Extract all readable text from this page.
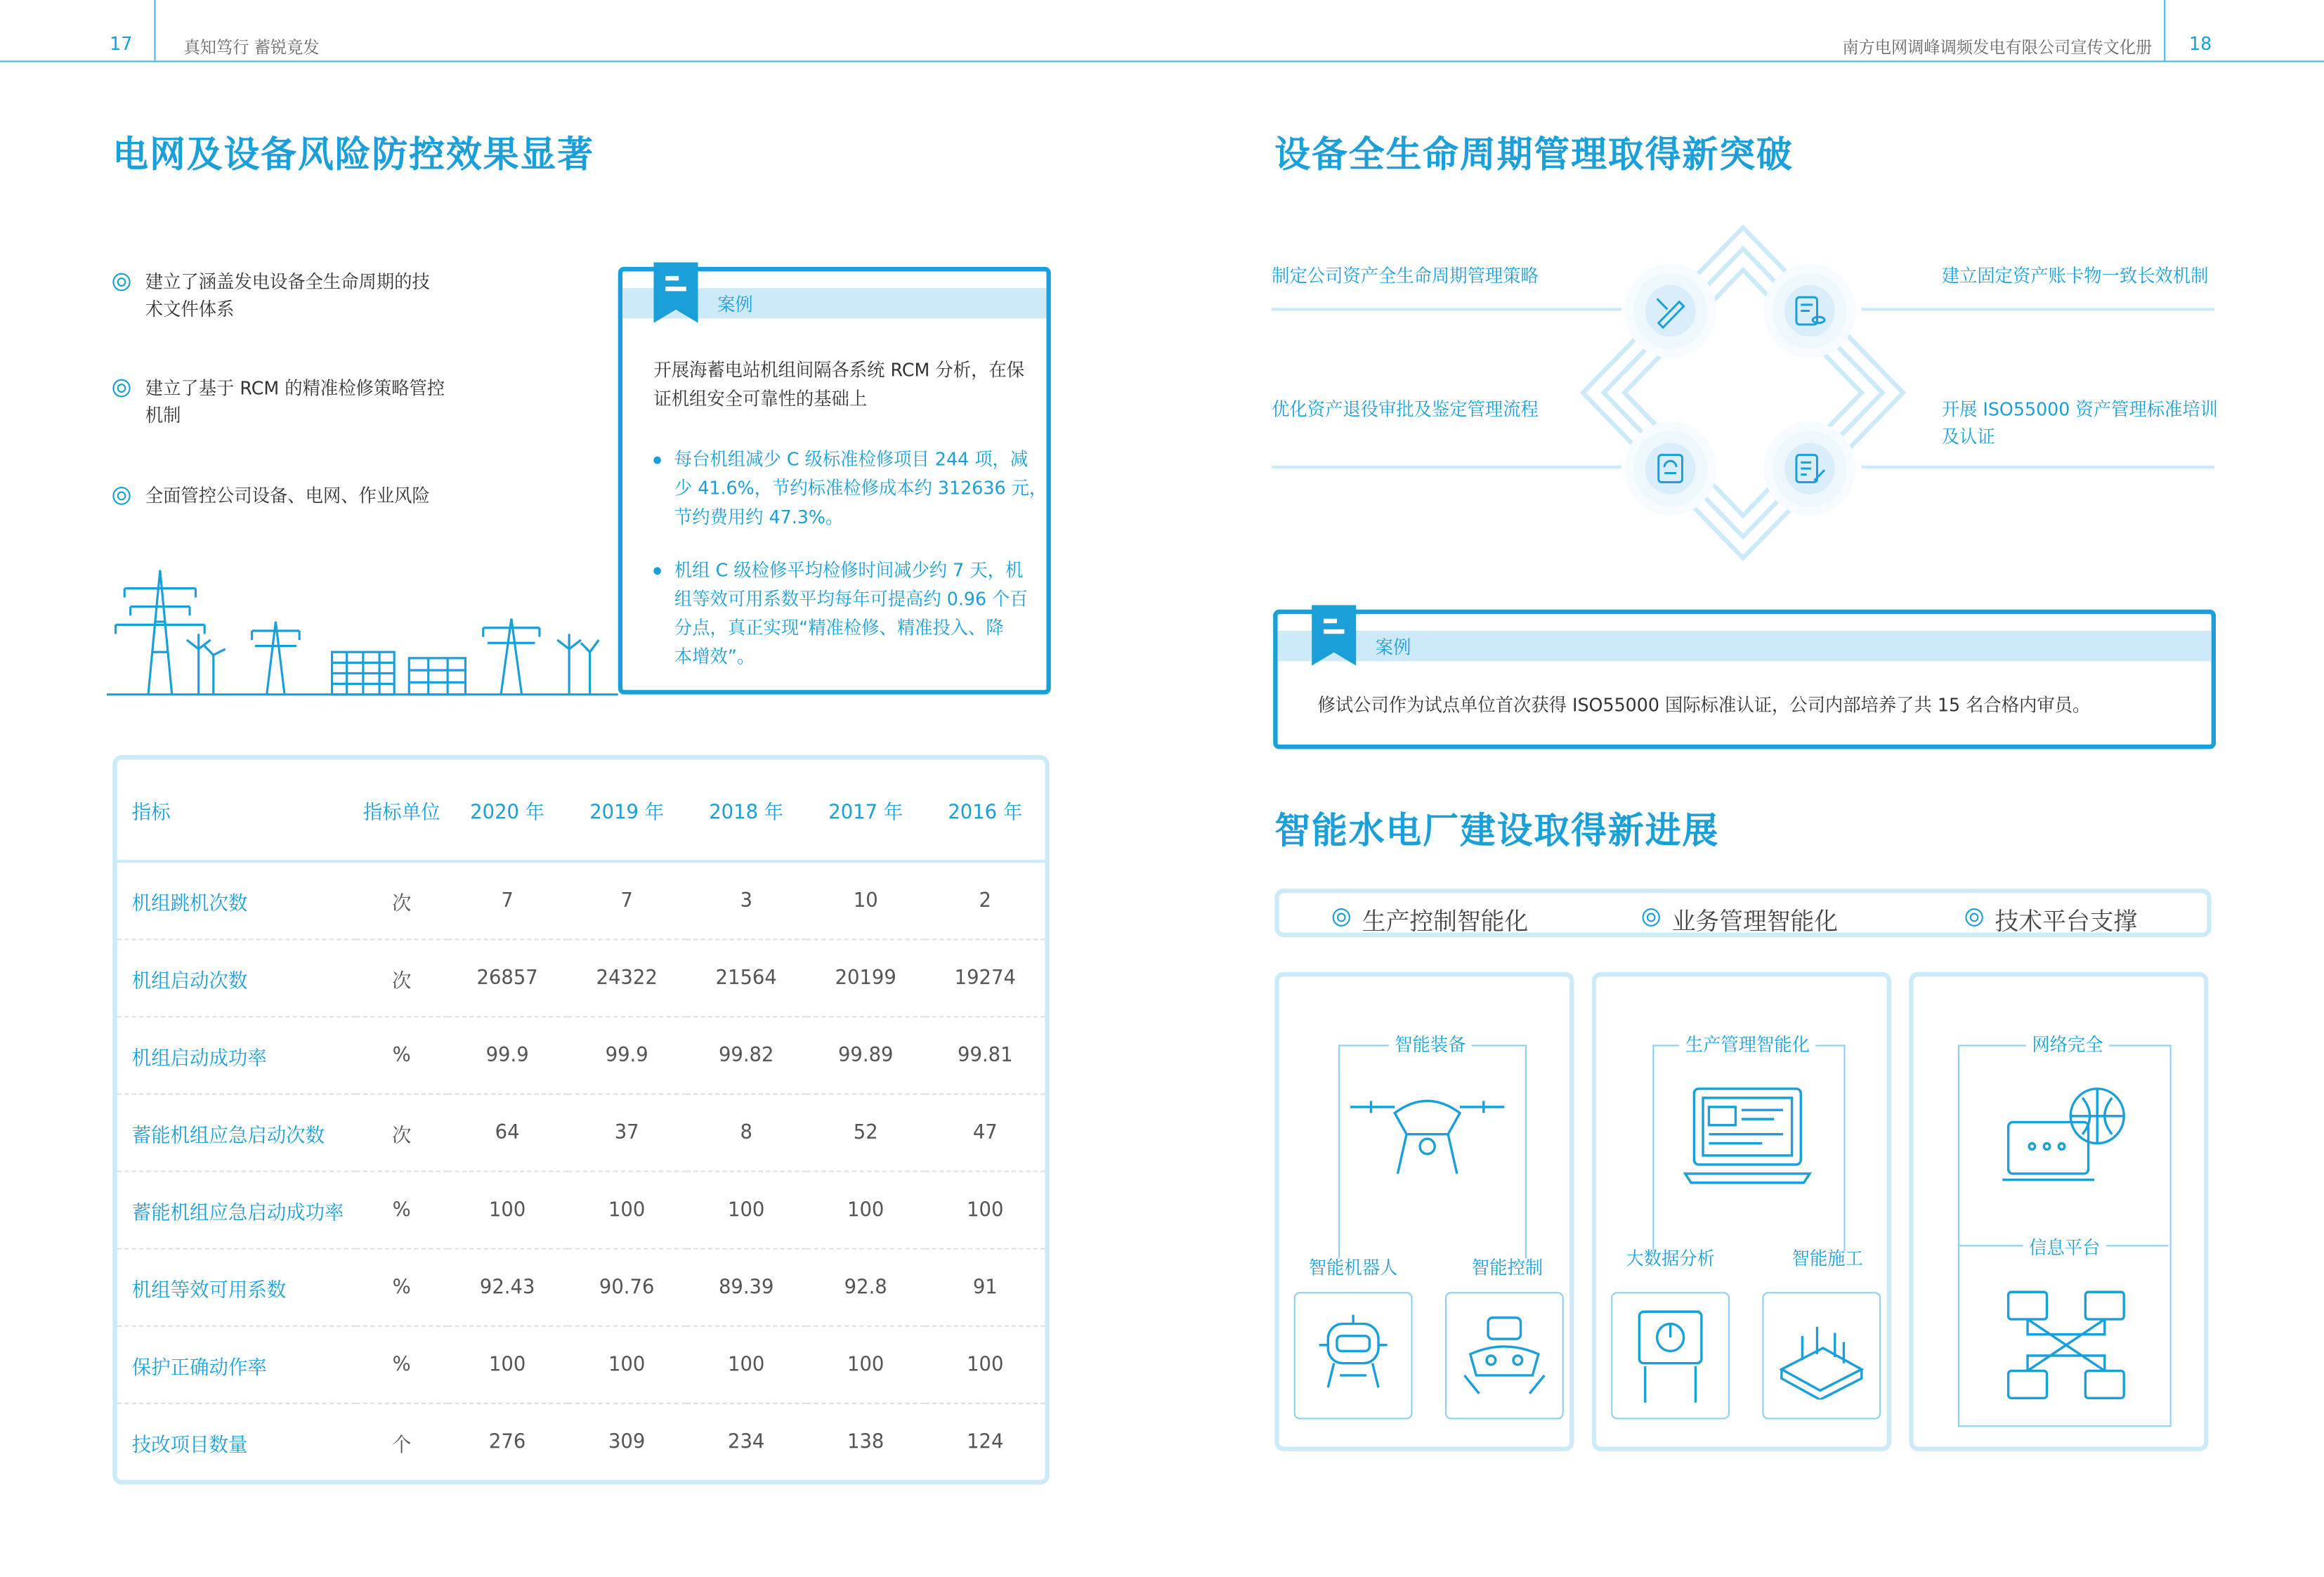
17	真知笃行 蓄锐竟发	南方电网调峰调频发电有限公司宣传文化册	18
电网及设备风险防控效果显著
建立了涵盖发电设备全生命周期的技
术文件体系
建立了基于 RCM 的精准检修策略管控
机制
全面管控公司设备、电网、作业风险
案例
开展海蓄电站机组间隔各系统 RCM 分析，在保
证机组安全可靠性的基础上
每台机组减少 C 级标准检修项目 244 项，减
少 41.6%，节约标准检修成本约 312636 元，
节约费用约 47.3%。
机组 C 级检修平均检修时间减少约 7 天，机
组等效可用系数平均每年可提高约 0.96 个百
分点，真正实现“精准检修、精准投入、降
本增效”。
指标	指标单位	2020 年	2019 年	2018 年	2017 年	2016 年
机组跳机次数	次	7	7	3	10	2
机组启动次数	次	26857	24322	21564	20199	19274
机组启动成功率	%	99.9	99.9	99.82	99.89	99.81
蓄能机组应急启动次数	次	64	37	8	52	47
蓄能机组应急启动成功率	%	100	100	100	100	100
机组等效可用系数	%	92.43	90.76	89.39	92.8	91
保护正确动作率	%	100	100	100	100	100
技改项目数量	个	276	309	234	138	124
设备全生命周期管理取得新突破
制定公司资产全生命周期管理策略	建立固定资产账卡物一致长效机制
优化资产退役审批及鉴定管理流程	开展 ISO55000 资产管理标准培训
及认证
案例
修试公司作为试点单位首次获得 ISO55000 国际标准认证，公司内部培养了共 15 名合格内审员。
智能水电厂建设取得新进展
生产控制智能化	业务管理智能化	技术平台支撑
智能装备
智能机器人	智能控制
生产管理智能化
大数据分析	智能施工
网络完全
信息平台
